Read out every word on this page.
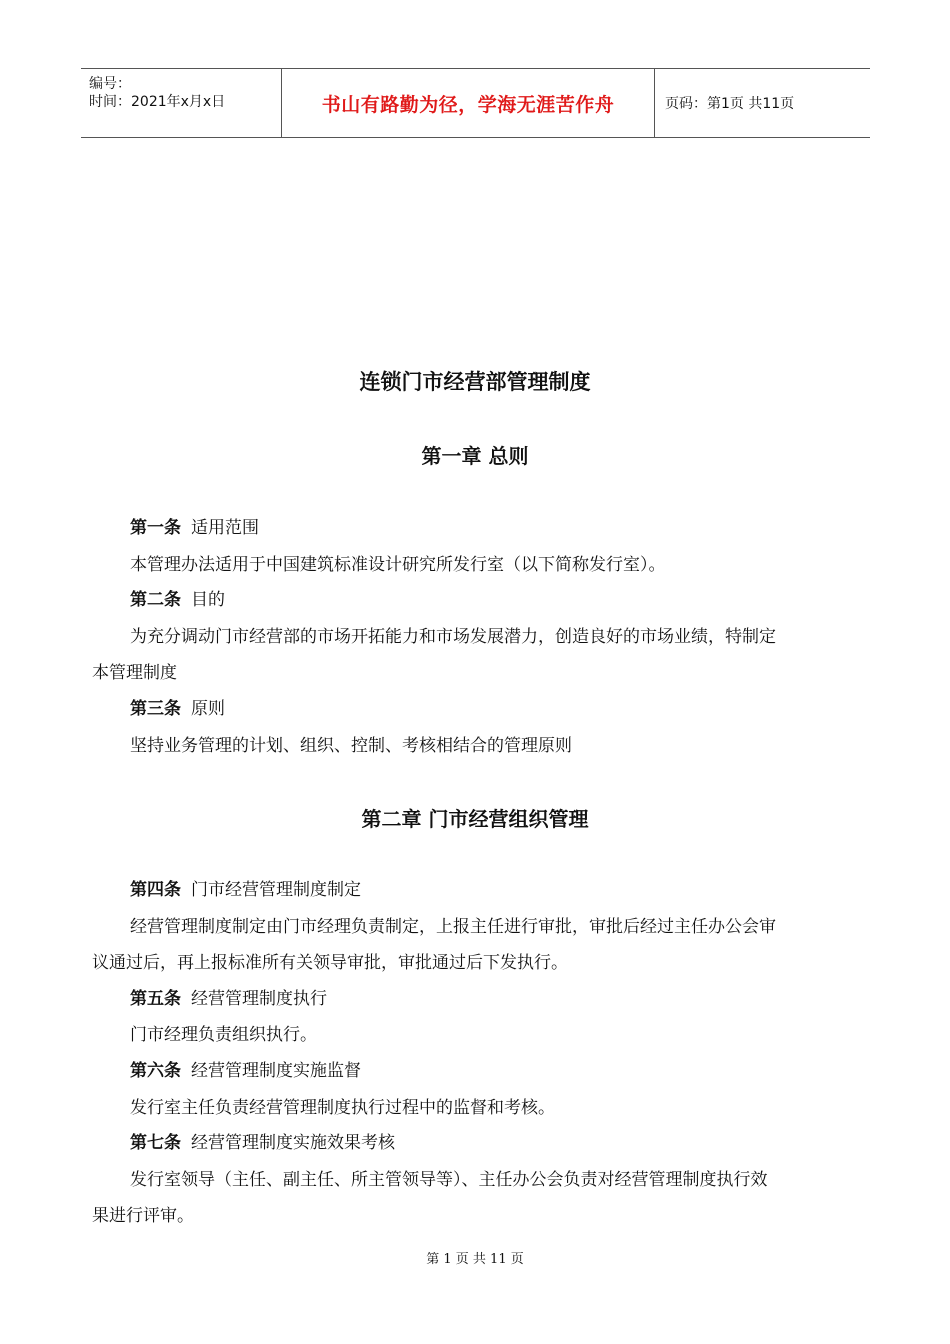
编号：
时间：2021年x月x日	书山有路勤为径，学海无涯苦作舟	页码：第1页 共11页
连锁门市经营部管理制度
第一章 总则
第一条 适用范围
本管理办法适用于中国建筑标准设计研究所发行室（以下简称发行室）。
第二条 目的
为充分调动门市经营部的市场开拓能力和市场发展潜力，创造良好的市场业绩，特制定
本管理制度
第三条 原则
坚持业务管理的计划、组织、控制、考核相结合的管理原则
第二章 门市经营组织管理
第四条 门市经营管理制度制定
经营管理制度制定由门市经理负责制定，上报主任进行审批，审批后经过主任办公会审
议通过后，再上报标准所有关领导审批，审批通过后下发执行。
第五条 经营管理制度执行
门市经理负责组织执行。
第六条 经营管理制度实施监督
发行室主任负责经营管理制度执行过程中的监督和考核。
第七条 经营管理制度实施效果考核
发行室领导（主任、副主任、所主管领导等）、主任办公会负责对经营管理制度执行效
果进行评审。
第 1 页 共 11 页
